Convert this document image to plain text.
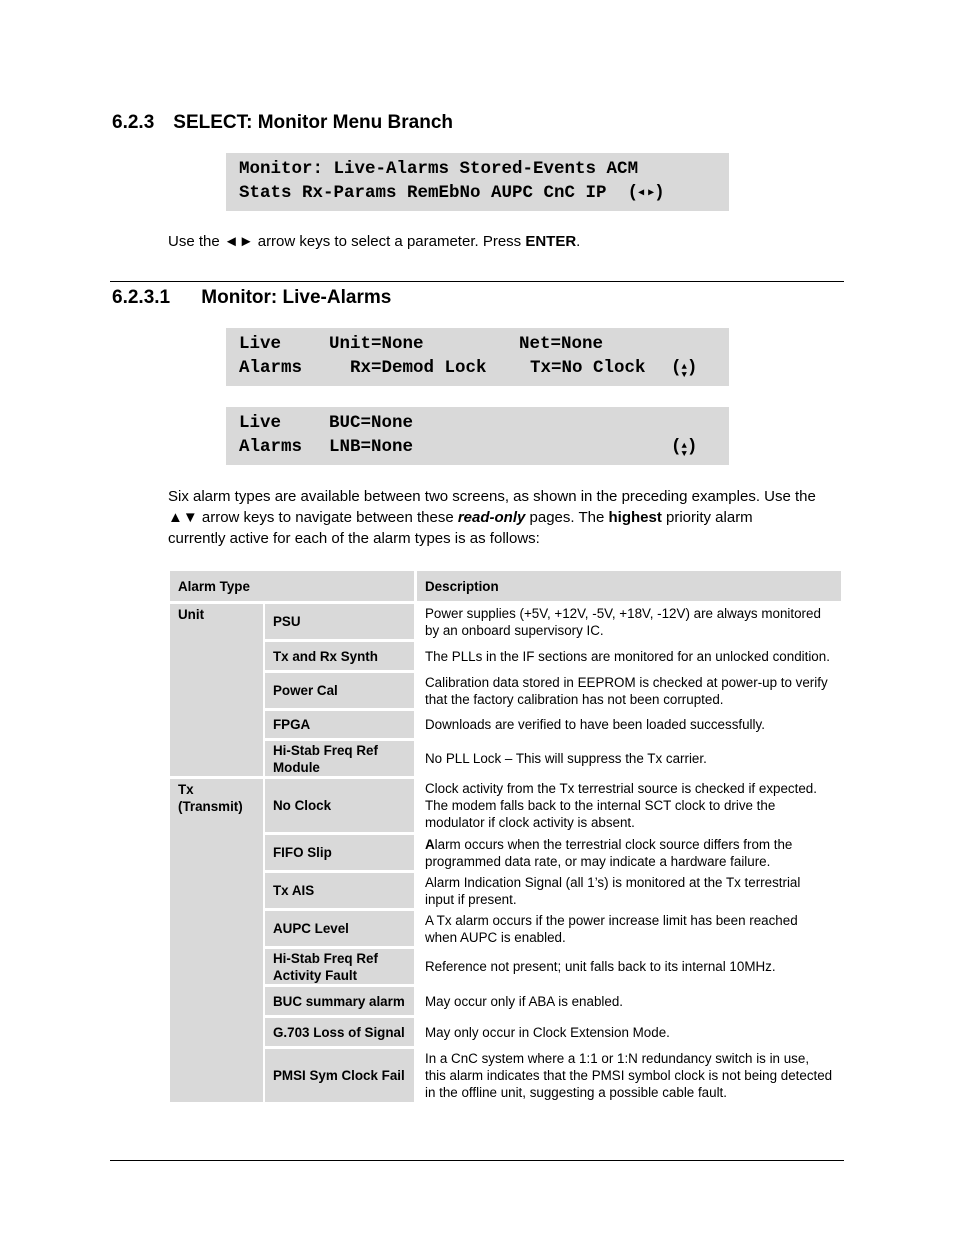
6.2.3 SELECT: Monitor Menu Branch
Monitor: Live-Alarms Stored-Events ACM
Stats Rx-Params RemEbNo AUPC CnC IP  ( ◀ ▶ )

Use the ◄► arrow keys to select a parameter. Press ENTER.

6.2.3.1 Monitor: Live-Alarms
Live	Unit=None	Net=None
Alarms	Rx=Demod Lock Tx=No Clock ( ▲
▼ )
Live	BUC=None
Alarms LNB=None	( ▲
▼ )
Six alarm types are available between two screens, as shown in the preceding examples. Use the
▲▼ arrow keys to navigate between these read-only pages. The highest priority alarm
currently active for each of the alarm types is as follows:
Alarm Type		Description
Unit	PSU	Power supplies (+5V, +12V, -5V, +18V, -12V) are always monitored by an onboard supervisory IC.
	Tx and Rx Synth	The PLLs in the IF sections are monitored for an unlocked condition.
	Power Cal	Calibration data stored in EEPROM is checked at power-up to verify that the factory calibration has not been corrupted.
	FPGA	Downloads are verified to have been loaded successfully.
	Hi-Stab Freq Ref Module	No PLL Lock – This will suppress the Tx carrier.

Tx
(Transmit)	No Clock	Clock activity from the Tx terrestrial source is checked if expected. The modem falls back to the internal SCT clock to drive the modulator if clock activity is absent.
	FIFO Slip	Alarm occurs when the terrestrial clock source differs from the programmed data rate, or may indicate a hardware failure.
	Tx AIS	Alarm Indication Signal (all 1’s) is monitored at the Tx terrestrial input if present.
	AUPC Level	A Tx alarm occurs if the power increase limit has been reached when AUPC is enabled.
	Hi-Stab Freq Ref Activity Fault	Reference not present; unit falls back to its internal 10MHz.
	BUC summary alarm	May occur only if ABA is enabled.
	G.703 Loss of Signal	May only occur in Clock Extension Mode.
	PMSI Sym Clock Fail	In a CnC system where a 1:1 or 1:N redundancy switch is in use, this alarm indicates that the PMSI symbol clock is not being detected in the offline unit, suggesting a possible cable fault.
